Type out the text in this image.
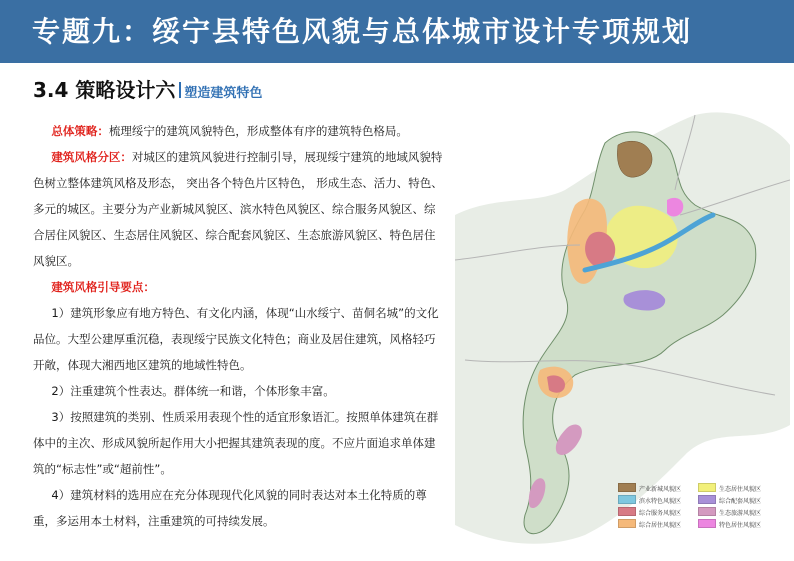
专题九：绥宁县特色风貌与总体城市设计专项规划
3.4 策略设计六 塑造建筑特色

总体策略：梳理绥宁的建筑风貌特色，形成整体有序的建筑特色格局。

建筑风格分区：对城区的建筑风貌进行控制引导，展现绥宁建筑的地域风貌特色树立整体建筑风格及形态， 突出各个特色片区特色， 形成生态、活力、特色、多元的城区。主要分为产业新城风貌区、滨水特色风貌区、综合服务风貌区、综合居住风貌区、生态居住风貌区、综合配套风貌区、生态旅游风貌区、特色居住风貌区。

建筑风格引导要点：

1）建筑形象应有地方特色、有文化内涵，体现“山水绥宁、苗侗名城”的文化品位。大型公建厚重沉稳，表现绥宁民族文化特色；商业及居住建筑，风格轻巧开敞，体现大湘西地区建筑的地域性特色。

2）注重建筑个性表达。群体统一和谐，个体形象丰富。

3）按照建筑的类别、性质采用表现个性的适宜形象语汇。按照单体建筑在群体中的主次、形成风貌所起作用大小把握其建筑表现的度。不应片面追求单体建筑的“标志性”或“超前性”。

4）建筑材料的选用应在充分体现现代化风貌的同时表达对本土化特质的尊重，多运用本土材料，注重建筑的可持续发展。

产业新城风貌区	生态居住风貌区
滨水特色风貌区	综合配套风貌区
综合服务风貌区	生态旅游风貌区
综合居住风貌区	特色居住风貌区
